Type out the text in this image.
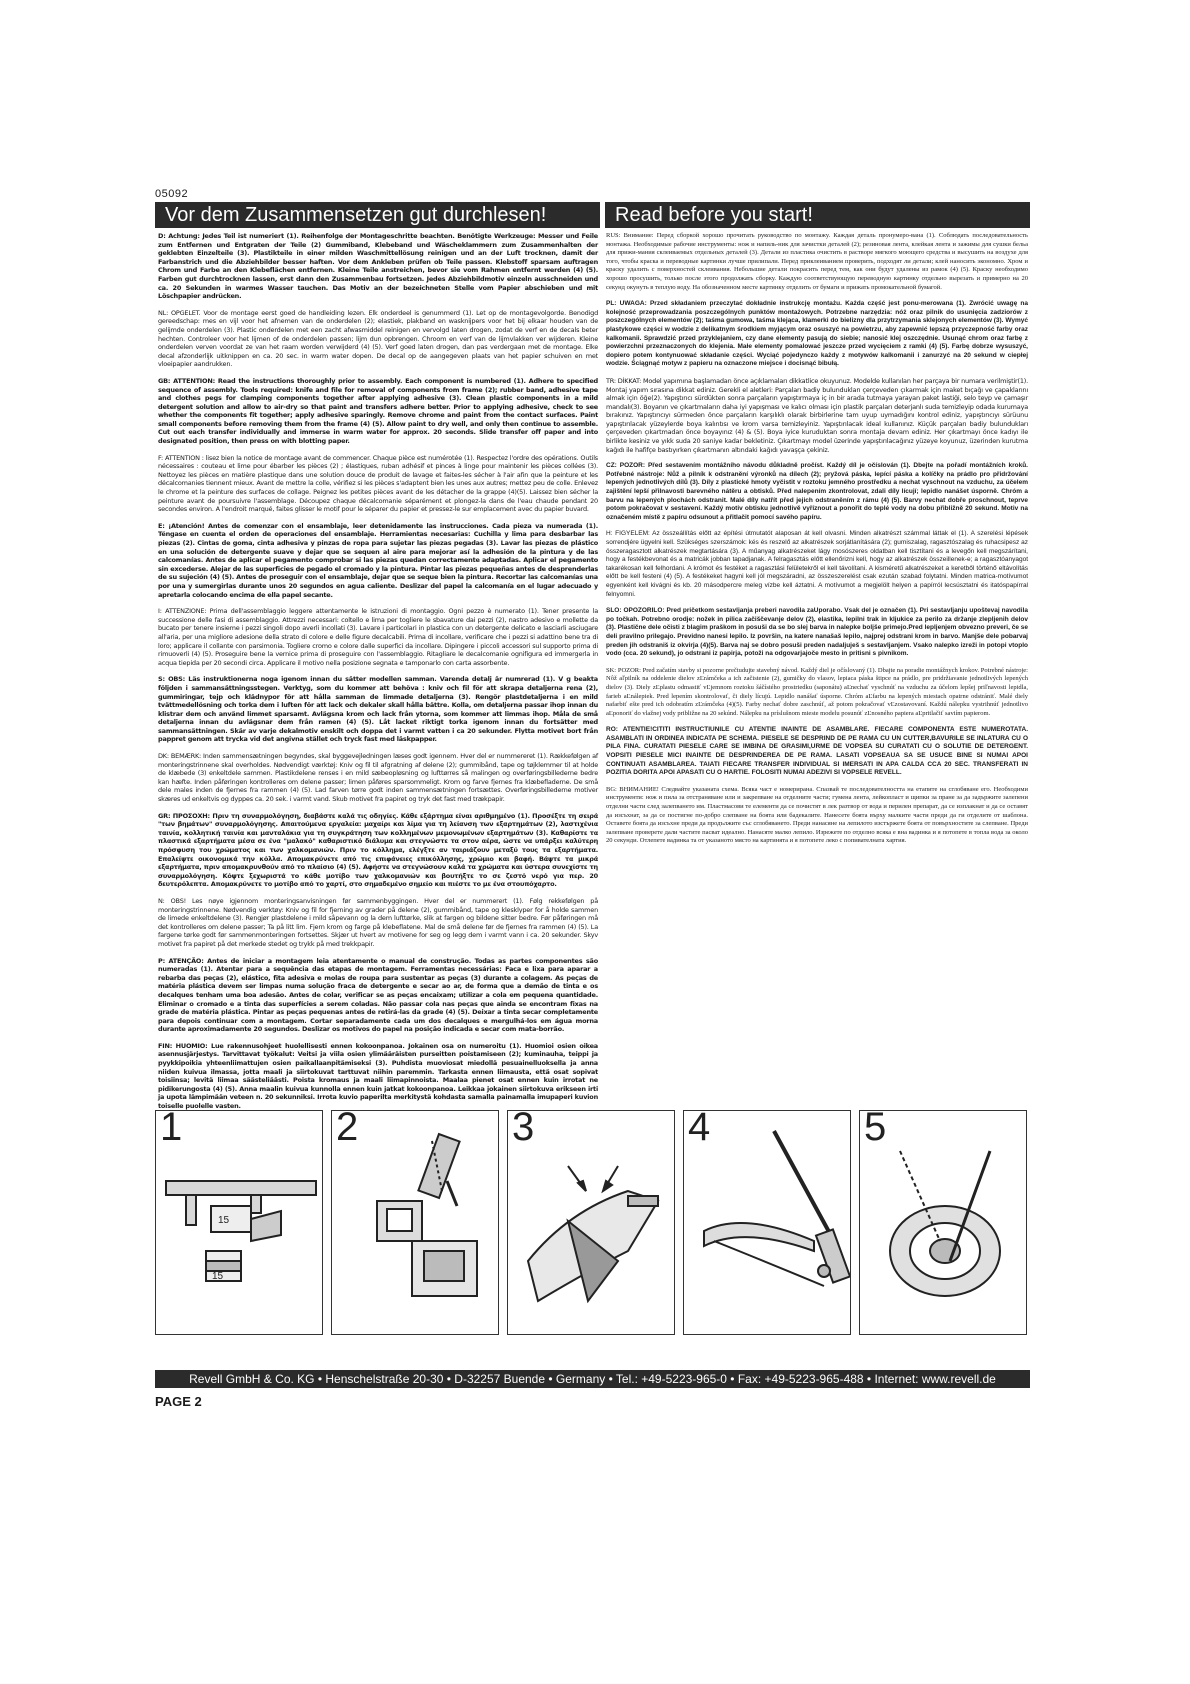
05092
Vor dem Zusammensetzen gut durchlesen!	Read before you start!

D: Achtung: Jedes Teil ist numeriert (1). Reihenfolge der Montageschritte beachten. Benötigte Werkzeuge: Messer und Feile zum Entfernen und Entgraten der Teile (2) Gummiband, Klebeband und Wäscheklammern zum Zusammenhalten der geklebten Einzelteile (3). Plastikteile in einer milden Waschmittellösung reinigen und an der Luft trocknen, damit der Farbanstrich und die Abziehbilder besser haften. Vor dem Ankleben prüfen ob Teile passen. Klebstoff sparsam auftragen Chrom und Farbe an den Klebeflächen entfernen. Kleine Teile anstreichen, bevor sie vom Rahmen entfernt werden (4) (5). Farben gut durchtrocknen lassen, erst dann den Zusammenbau fortsetzen. Jedes Abziehbildmotiv einzeln ausschneiden und ca. 20 Sekunden in warmes Wasser tauchen. Das Motiv an der bezeichneten Stelle vom Papier abschieben und mit Löschpapier andrücken.

NL: OPGELET. Voor de montage eerst goed de handleiding lezen. Elk onderdeel is genummerd (1). Let op de montagevolgorde. Benodigd gereedschap: mes en vijl voor het afnemen van de onderdelen (2); elastiek, plakband en wasknijpers voor het bij elkaar houden van de gelijmde onderdelen (3). Plastic onderdelen met een zacht afwasmiddel reinigen en vervolgd laten drogen, zodat de verf en de decals beter hechten. Controleer voor het lijmen of de onderdelen passen; lijm dun opbrengen. Chroom en verf van de lijmvlakken ver wijderen. Kleine onderdelen verven voordat ze van het raam worden verwijderd (4) (5). Verf goed laten drogen, dan pas verdergaan met de montage. Elke decal afzonderlijk uitknippen en ca. 20 sec. in warm water dopen. De decal op de aangegeven plaats van het papier schuiven en met vloeipapier aandrukken.

GB: ATTENTION: Read the instructions thoroughly prior to assembly. Each component is numbered (1). Adhere to specified sequence of assembly. Tools required: knife and file for removal of components from frame (2); rubber band, adhesive tape and clothes pegs for clamping components together after applying adhesive (3). Clean plastic components in a mild detergent solution and allow to air-dry so that paint and transfers adhere better. Prior to applying adhesive, check to see whether the components fit together; apply adhesive sparingly. Remove chrome and paint from the contact surfaces. Paint small components before removing them from the frame (4) (5). Allow paint to dry well, and only then continue to assemble. Cut out each transfer individually and immerse in warm water for approx. 20 seconds. Slide transfer off paper and into designated position, then press on with blotting paper.

F: ATTENTION : lisez bien la notice de montage avant de commencer. Chaque pièce est numérotée (1). Respectez l'ordre des opérations. Outils nécessaires : couteau et lime pour ébarber les pièces (2) ; élastiques, ruban adhésif et pinces à linge pour maintenir les pièces collées (3). Nettoyez les pièces en matière plastique dans une solution douce de produit de lavage et faites-les sécher à l'air afin que la peinture et les décalcomanies tiennent mieux. Avant de mettre la colle, vérifiez si les pièces s'adaptent bien les unes aux autres; mettez peu de colle. Enlevez le chrome et la peinture des surfaces de collage. Peignez les petites pièces avant de les détacher de la grappe (4)(5). Laissez bien sécher la peinture avant de poursuivre l'assemblage. Découpez chaque décalcomanie séparément et plongez-la dans de l'eau chaude pendant 20 secondes environ. A l'endroit marqué, faites glisser le motif pour le séparer du papier et pressez-le sur emplacement avec du papier buvard.

E: ¡Atención! Antes de comenzar con el ensamblaje, leer detenidamente las instrucciones. Cada pieza va numerada (1). Téngase en cuenta el orden de operaciones del ensamblaje. Herramientas necesarias: Cuchilla y lima para desbarbar las piezas (2). Cintas de goma, cinta adhesiva y pinzas de ropa para sujetar las piezas pegadas (3). Lavar las piezas de plástico en una solución de detergente suave y dejar que se sequen al aire para mejorar así la adhesión de la pintura y de las calcomanías. Antes de aplicar el pegamento comprobar si las piezas quedan correctamente adaptadas. Aplicar el pegamento sin excederse. Alejar de las superficies de pegado el cromado y la pintura. Pintar las piezas pequeñas antes de desprenderlas de su sujeción (4) (5). Antes de proseguir con el ensamblaje, dejar que se seque bien la pintura. Recortar las calcomanías una por una y sumergirlas durante unos 20 segundos en agua caliente. Deslizar del papel la calcomanía en el lugar adecuado y apretarla colocando encima de ella papel secante.

I: ATTENZIONE: Prima dell'assemblaggio leggere attentamente le istruzioni di montaggio. Ogni pezzo è numerato (1). Tener presente la successione delle fasi di assemblaggio. Attrezzi necessari: coltello e lima per togliere le sbavature dai pezzi (2), nastro adesivo e mollette da bucato per tenere insieme i pezzi singoli dopo averli incollati (3). Lavare i particolari in plastica con un detergente delicato e lasciarli asciugare all'aria, per una migliore adesione della strato di colore e delle figure decalcabili. Prima di incollare, verificare che i pezzi si adattino bene tra di loro; applicare il collante con parsimonia. Togliere cromo e colore dalle superfici da incollare. Dipingere i piccoli accessori sul supporto prima di rimuoverli (4) (5). Proseguire bene la vernice prima di proseguire con l'assemblaggio. Ritagliare le decalcomanie ognifigura ed immergerla in acqua tiepida per 20 secondi circa. Applicare il motivo nella posizione segnata e tamponarlo con carta assorbente.

S: OBS: Läs instruktionerna noga igenom innan du sätter modellen samman. Varenda detalj är numrerad (1). V g beakta följden i sammansättningsstegen. Verktyg, som du kommer att behöva : kniv och fil för att skrapa detaljerna rena (2), gummiringar, tejp och klädnypor för att hålla samman de limmade detaljerna (3). Rengör plastdetaljerna i en mild tvättmedellösning och torka dem i luften för att lack och dekaler skall hålla bättre. Kolla, om detaljerna passar ihop innan du klistrar dem och använd limmet sparsamt. Avlägsna krom och lack från ytorna, som kommer att limmas ihop. Måla de små detaljerna innan du avlägsnar dem från ramen (4) (5). Låt lacket riktigt torka igenom innan du fortsätter med sammansättningen. Skär av varje dekalmotiv enskilt och doppa det i varmt vatten i ca 20 sekunder. Flytta motivet bort från pappret genom att trycka vid det angivna stället och tryck fast med läskpapper.

DK: BEMÆRK: Inden sammensætningen begyndes, skal byggevejledningen læses godt igennem. Hver del er nummereret (1). Rækkefølgen af monteringstrinnene skal overholdes. Nødvendigt værktøj: Kniv og fil til afgratning af delene (2); gummibånd, tape og tøjklemmer til at holde de klæbede (3) enkeltdele sammen. Plastikdelene renses i en mild sæbeopløsning og lufttørres så malingen og overføringsbillederne bedre kan hæfte. Inden påføringen kontrolleres om delene passer; limen påføres sparsommeligt. Krom og farve fjernes fra klæbefladerne. De små dele males inden de fjernes fra rammen (4) (5). Lad farven tørre godt inden sammensætningen fortsættes. Overføringsbillederne motiver skæres ud enkeltvis og dyppes ca. 20 sek. i varmt vand. Skub motivet fra papiret og tryk det fast med trækpapir.

GR: ΠΡΟΣΟΧΗ: Πριν τη συναρμολόγηση, διαβάστε καλά τις οδηγίες. Κάθε εξάρτημα είναι αριθμημένο (1). Προσέξτε τη σειρά "των βημάτων" συναρμολόγησης. Απαιτούμενα εργαλεία: μαχαίρι και λίμα για τη λείανση των εξαρτημάτων (2), λαστιχένια ταινία, κολλητική ταινία και μανταλάκια για τη συγκράτηση των κολλημένων μεμονωμένων εξαρτημάτων (3). Καθαρίστε τα πλαστικά εξαρτήματα μέσα σε ένα "μαλακό" καθαριστικό διάλυμα και στεγνώστε τα στον αέρα, ώστε να υπάρξει καλύτερη πρόσφυση του χρώματος και των χαλκομανιών. Πριν το κόλλημα, ελέγξτε αν ταιριάζουν μεταξύ τους τα εξαρτήματα. Επαλείψτε οικονομικά την κόλλα. Απομακρύνετε από τις επιφάνειες επικόλλησης, χρώμιο και βαφή. Βάψτε τα μικρά εξαρτήματα, πριν απομακρυνθούν από το πλαίσιο (4) (5). Αφήστε να στεγνώσουν καλά τα χρώματα και ύστερα συνεχίστε τη συναρμολόγηση. Κόψτε ξεχωριστά το κάθε μοτίβο των χαλκομανιών και βουτήξτε το σε ζεστό νερό για περ. 20 δευτερόλεπτα. Απομακρύνετε το μοτίβο από το χαρτί, στο σημαδεμένο σημείο και πιέστε το με ένα στουπόχαρτο.

N: OBS! Les nøye igjennom monteringsanvisningen før sammenbyggingen. Hver del er nummerert (1). Følg rekkefølgen på monteringstrinnene. Nødvendig verktøy: Kniv og fil for fjerning av grader på delene (2), gummibånd, tape og klesklyper for å holde sammen de limede enkeltdelene (3). Rengjør plastdelene i mild såpevann og la dem lufttørke, slik at fargen og bildene sitter bedre. Før påføringen må det kontrolleres om delene passer; Ta på litt lim. Fjern krom og farge på klebeflatene. Mal de små delene før de fjernes fra rammen (4) (5). La fargene tørke godt før sammenmonteringen fortsettes. Skjær ut hvert av motivene for seg og legg dem i varmt vann i ca. 20 sekunder. Skyv motivet fra papiret på det merkede stedet og trykk på med trekkpapir.

P: ATENÇÃO: Antes de iniciar a montagem leia atentamente o manual de construção. Todas as partes componentes são numeradas (1). Atentar para a sequência das etapas de montagem. Ferramentas necessárias: Faca e lixa para aparar a rebarba das peças (2), elástico, fita adesiva e molas de roupa para sustentar as peças (3) durante a colagem. As peças de matéria plástica devem ser limpas numa solução fraca de detergente e secar ao ar, de forma que a demão de tinta e os decalques tenham uma boa adesão. Antes de colar, verificar se as peças encaixam; utilizar a cola em pequena quantidade. Eliminar o cromado e a tinta das superfícies a serem coladas. Não passar cola nas peças que ainda se encontram fixas na grade de matéria plástica. Pintar as peças pequenas antes de retirá-las da grade (4) (5). Deixar a tinta secar completamente para depois continuar com a montagem. Cortar separadamente cada um dos decalques e mergulhá-los em água morna durante aproximadamente 20 segundos. Deslizar os motivos do papel na posição indicada e secar com mata-borrão.

FIN: HUOMIO: Lue rakennusohjeet huolellisesti ennen kokoonpanoa. Jokainen osa on numeroitu (1). Huomioi osien oikea asennusjärjestys. Tarvittavat työkalut: Veitsi ja viila osien ylimääräisten purseitten poistamiseen (2); kuminauha, teippi ja pyykkipoikia yhteenliimattujen osien paikallaanpitämiseksi (3). Puhdista muoviosat miedollä pesuainelluoksella ja anna niiden kuivua ilmassa, jotta maali ja siirtokuvat tarttuvat niihin paremmin. Tarkasta ennen liimausta, että osat sopivat toisiinsa; levitä liimaa säästeliäästi. Poista kromaus ja maali liimapinnoista. Maalaa pienet osat ennen kuin irrotat ne pidikerungosta (4) (5). Anna maalin kuivua kunnolla ennen kuin jatkat kokoonpanoa. Leikkaa jokainen siirtokuva erikseen irti ja upota lämpimään veteen n. 20 sekunniksi. Irrota kuvio paperilta merkitystä kohdasta samalla painamalla imupaperi kuvion toiselle puolelle vasten.

RUS: Внимание: Перед сборкой хорошо прочитать руководство по монтажу. Каждая деталь пронумеро-вана (1). Соблюдать последовательность монтажа. Необходимые рабочие инструменты: нож и напиль-ник для зачистки деталей (2); резиновая лента, клейкая лента и зажимы для сушки бельа для прижи-мания склеиваемых отдельных деталей (3). Детали из пластика очистить в растворе мягкого моющего средства и высушить на воздухе для того, чтобы краска и переводные картинки лучше прилипали. Перед приклеиванием проверить, подходят ли детали; клей наносить экономно. Хром и краску удалить с поверхностей склеивания. Небольшие детали покрасить перед тем, как они будут удалены из рамок (4) (5). Краску необходимо хорошо просушить, только после этого продолжать сборку. Каждую соответствующую переводную картинку отдельно вырезать и примерно на 20 секунд окунуть в теплую воду. На обозначенном месте картинку отделить от бумаги и прижать промокательной бумагой.

PL: UWAGA: Przed składaniem przeczytać dokładnie instrukcję montażu. Każda część jest ponu-merowana (1). Zwrócić uwagę na kolejność przeprowadzania poszczególnych punktów montażowych. Potrzebne narzędzia: nóż oraz pilnik do usunięcia zadziorów z poszczególnych elementów (2); taśma gumowa, taśma klejąca, klamerki do bielizny dla przytrzymania sklejonych elementów (3). Wymyć plastykowe części w wodzie z delikatnym środkiem myjącym oraz osuszyć na powietrzu, aby zapewnić lepszą przyczepność farby oraz kalkomanii. Sprawdzić przed przyklejaniem, czy dane elementy pasują do siebie; nanosić klej oszczędnie. Usunąć chrom oraz farbę z powierzchni przeznaczonych do klejenia. Małe elementy pomalować jeszcze przed wycięciem z ramki (4) (5). Farbę dobrze wysuszyć, dopiero potem kontynuować składanie części. Wyciąć pojedynczo każdy z motywów kalkomanii i zanurzyć na 20 sekund w ciepłej wodzie. Ściągnąć motyw z papieru na oznaczone miejsce i docisnąć bibułą.

TR: DİKKAT: Model yapımına başlamadan önce açıklamaları dikkatlice okuyunuz. Modelde kullanılan her parçaya bir numara verilmiştir(1). Montaj yapım sırasına dikkat ediniz. Gerekli el aletleri: Parçaları badiy bulundukları çerçeveden çıkarmak için maket bıçağı ve çapaklarını almak için öğe(2). Yapıştırıcı sürdükten sonra parçaların yapıştırmaya iç in bir arada tutmaya yarayan paket lastiği, selo teyp ve çamaşır mandalı(3). Boyanın ve çıkartmaların daha iyi yapışması ve kalıcı olması için plastik parçaları deterjanlı suda temizleyip odada kurumaya bırakınız. Yapıştırıcıyı sürmeden önce parçaların karşılıklı olarak birbirlerine tam uyup uymadığını kontrol ediniz, yapıştırıcıyı sürüunu yapıştırılacak yüzeylerde boya kalıntısı ve krom varsa temizleyiniz. Yapıştırılacak ideal kullanınız. Küçük parçaları badiy bulundukları çerçeveden çıkartmadan önce boyayınız (4) & (5). Boya iyice kuruduktan sonra montaja devam ediniz. Her çıkartmayı önce kadıyı ile birlikte kesiniz ve yıkk suda 20 saniye kadar bekletiniz. Çıkartmayı model üzerinde yapıştırılacağınız yüzeye koyunuz, üzerinden kurutma kağıdı ile hafifçe bastıyırken çıkartmanın altındaki kağıdı yavaşça çekiniz.

CZ: POZOR: Před sestavením montážního návodu důkladně pročíst. Každý díl je očíslován (1). Dbejte na pořadí montážních kroků. Potřebné nástroje: Nůž a pilník k odstranění výronků na dílech (2); pryžová páska, lepící páska a kolíčky na prádlo pro přidržování lepených jednotlivých dílů (3). Díly z plastické hmoty vyčistit v roztoku jemného prostředku a nechat vyschnout na vzduchu, za účelem zajištění lepší přilnavosti barevného nátěru a obtisků. Před nalepením zkontrolovat, zdali díly lícují; lepidlo nanášet úsporně. Chróm a barvu na lepených plochách odstranit. Malé díly natřít před jejich odstraněním z rámu (4) (5). Barvy nechat dobře proschnout, teprve potom pokračovat v sestavení. Každý motiv obtisku jednotlivě vyříznout a ponořit do teplé vody na dobu přibližně 20 sekund. Motiv na označeném místě z papíru odsunout a přitlačit pomocí savého papíru.

H: FIGYELEM: Az összeállítás előtt az építési útmutatót alaposan át kell olvasni. Minden alkatrészt számmal láttak el (1). A szerelési lépések sorrendjére ügyelni kell. Szükséges szerszámok: kés és reszelő az alkatrészek sorjátlanítására (2); gumiszalag, ragasztószalag és ruhacsipesz az összeragasztott alkatrészek megtartására (3). A műanyag alkatrészeket lágy mosószeres oldatban kell tisztítani és a levegőn kell megszárítani, hogy a festékbevonat és a matricák jobban tapadjanak. A felragasztás előtt ellenőrizni kell, hogy az alkatrészek összeillenek-e; a ragasztóanyagot takarékosan kell felhordani. A krómot és festéket a ragasztási felületekről el kell távolítani. A kisméretű alkatrészeket a keretből történő eltávolítás előtt be kell festeni (4) (5). A festékeket hagyni kell jól megszáradni, az összeszerelést csak ezután szabad folytatni. Minden matrica-motívumot egyenként kell kivágni és kb. 20 másodpercre meleg vízbe kell áztatni. A motívumot a megjelölt helyen a papírról lecsúsztatni és itatóspapírral felnyomni.

SLO: OPOZORILO: Pred pričetkom sestavljanja preberi navodila zaUporabo. Vsak del je označen (1). Pri sestavljanju upoštevaj navodila po točkah. Potrebno orodje: nožek in pilica začiščevanje delov (2), elastika, lepilni trak in kljukice za perilo za držanje zlepljenih delov (3). Plastične dele očisti z blagim praškom in posuši da se bo slej barva in nalepke boljše primejo.Pred lepljenjem obvezno preveri, če se deli pravilno prilegajo. Previdno nanesi lepilo. Iz površin, na katere nanašaš lepilo, najprej odstrani krom in barvo. Manjše dele pobarvaj preden jih odstraniš iz okvirja (4)(5). Barva naj se dobro posuši preden nadaljuješ s sestavljanjem. Vsako nalepko izreži in potopi vtoplo vodo (cca. 20 sekund), jo odstrani iz papirja, potoži na odgovarjajoče mesto in pritisni s pivnikom.

SK: POZOR: Pred začatím stavby si pozorne prečtudujte stavebný návod. Každý diel je očíslovaný (1). Dbajte na poradie montážnych krokov. Potrebné nástroje: Nôž aľpilník na oddelenie dielov zĽrámčeka a ich začistenie (2), gumičky do vlasov, lepiaca páska štipce na prádlo, pre pridržiavanie jednotlivých lepených dielov (3). Diely zĽplastu odmastiť vĽjemnom roztoku šáčístého prostriedku (saponátu) aĽnechať vyschnúť na vzduchu za účelom lepšej priľnavosti lepidla, farieb aĽnálepiek. Pred lepením skontrolovať, či diely lícujú. Lepidlo nanášať úsporne. Chróm aĽfarbu na lepených miestach opatrne odstrániť. Malé diely nafarbiť ešte pred ich odobratím zĽrámčeka (4)(5). Farby nechať dobre zaschnúť, až potom pokračovať vĽzostavovaní. Každú nálepku vystrihnúť jednotlivo aĽponoriť do vlažnej vody približne na 20 sekúnd. Nálepku na príslušnom mieste modelu posunúť zĽnosného papiera aĽpritlačiť saviím papierom.

RO: ATENTIE!CITITI INSTRUCTIUNILE CU ATENTIE INAINTE DE ASAMBLARE. FIECARE COMPONENTA ESTE NUMEROTATA. ASAMBLATI IN ORDINEA INDICATA PE SCHEMA. PIESELE SE DESPRIND DE PE RAMA CU UN CUTTER,BAVURILE SE INLATURA CU O PILA FINA. CURATATI PIESELE CARE SE IMBINA DE GRASIMI,URME DE VOPSEA SU CURATATI CU O SOLUTIE DE DETERGENT. VOPSITI PIESELE MICI INAINTE DE DESPRINDEREA DE PE RAMA. LASATI VOPSEAUA SA SE USUCE BINE SI NUMAI APOI CONTINUATI ASAMBLAREA. TAIATI FIECARE TRANSFER INDIVIDUAL SI IMERSATI IN APA CALDA CCA 20 SEC. TRANSFERATI IN POZITIA DORITA APOI APASATI CU O HARTIE. FOLOSITI NUMAI ADEZIVI SI VOPSELE REVELL.

BG: ВНИМАНИЕ! Следвайте указаната схема. Всяка част е номерирана. Спазвай те последователността на етапите на сглобяване его. Необходими инструменти: нож и пила за отстраняване или и закрепване на отделните части; гумена лента, лейкопласт и щипки за пране за да задържите залепени отделни части след залепването им. Пластмасови те елементи да се почистят в лек разтвор от вода и перилен препарат, да се изплакнат и да се оставят да изсъхнат, за да се постигне по-добро слепване на боята или бадекалите. Нанесете боята върху малките части преди да ги отделите от шаблона. Оставете боята да изсъхне преди да продължите със сглобяването. Преди нанасяне на лепилото изстържете боята от повърхностите за слепване. Преди залепване проверете дали частите пасват идеално. Нанасяте малко лепило. Изрежете по отделно всяка е вна вадинка и я потопете в топла вода за около 20 секунди. Отлепете вадинка та от указаното място на картинята и я потопете леко с попивателната хартия.

1
15
15
2	3	4	5
Revell GmbH & Co. KG • Henschelstraße 20-30 • D-32257 Buende • Germany • Tel.: +49-5223-965-0 • Fax: +49-5223-965-488 • Internet: www.revell.de
PAGE 2
